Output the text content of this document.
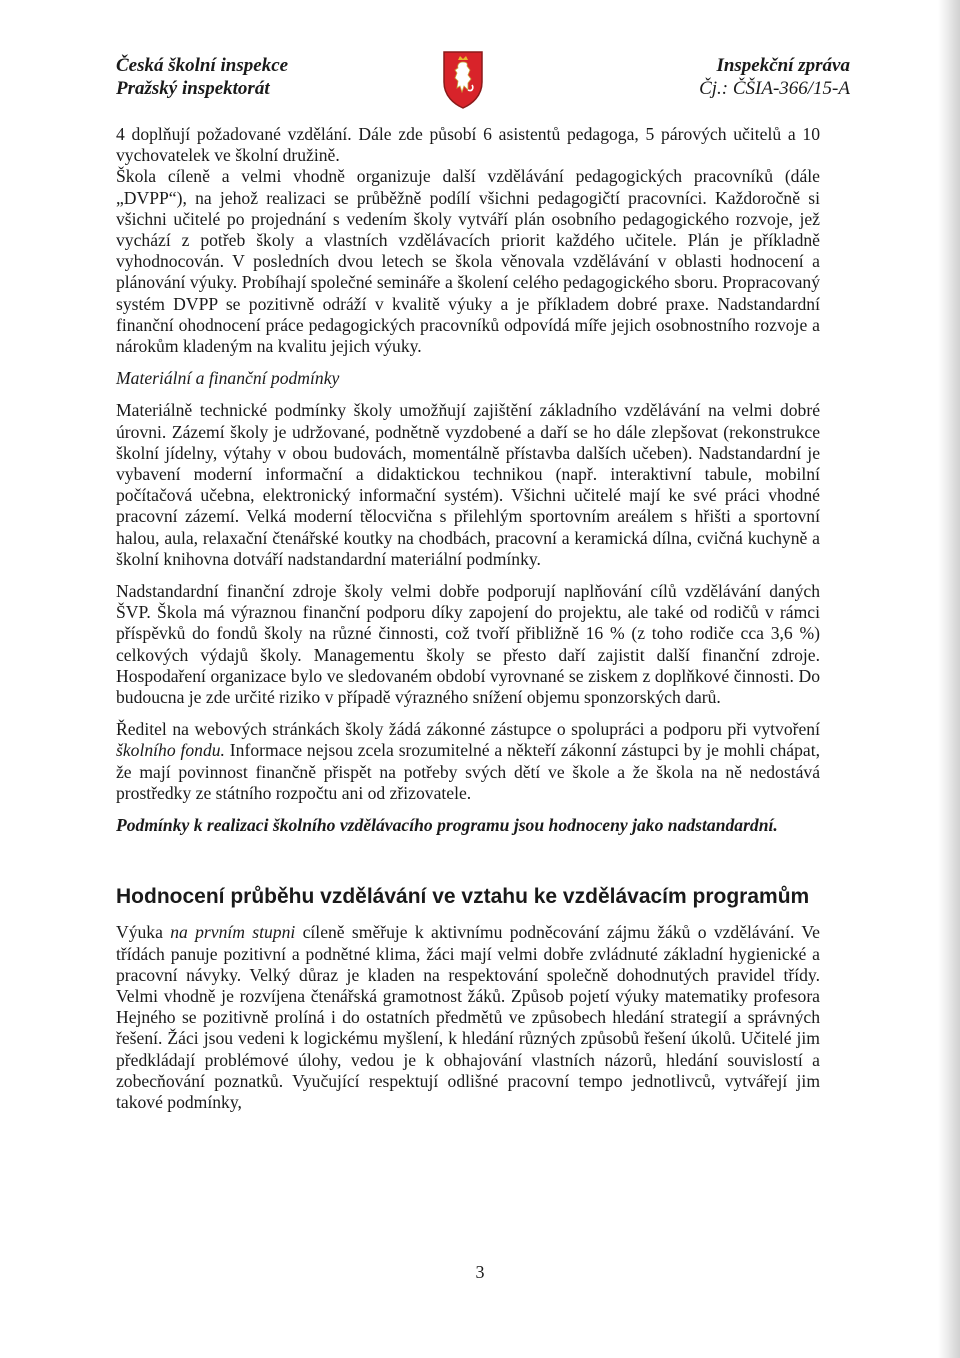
Česká školní inspekce
Pražský inspektorát
Inspekční zpráva
Čj.: ČŠIA-366/15-A

4 doplňují požadované vzdělání. Dále zde působí 6 asistentů pedagoga, 5 párových učitelů a 10 vychovatelek ve školní družině.

Škola cíleně a velmi vhodně organizuje další vzdělávání pedagogických pracovníků (dále „DVPP“), na jehož realizaci se průběžně podílí všichni pedagogičtí pracovníci. Každoročně si všichni učitelé po projednání s vedením školy vytváří plán osobního pedagogického rozvoje, jež vychází z potřeb školy a vlastních vzdělávacích priorit každého učitele. Plán je příkladně vyhodnocován. V posledních dvou letech se škola věnovala vzdělávání v oblasti hodnocení a plánování výuky. Probíhají společné semináře a školení celého pedagogického sboru. Propracovaný systém DVPP se pozitivně odráží v kvalitě výuky a je příkladem dobré praxe. Nadstandardní finanční ohodnocení práce pedagogických pracovníků odpovídá míře jejich osobnostního rozvoje a nárokům kladeným na kvalitu jejich výuky.

Materiální a finanční podmínky

Materiálně technické podmínky školy umožňují zajištění základního vzdělávání na velmi dobré úrovni. Zázemí školy je udržované, podnětně vyzdobené a daří se ho dále zlepšovat (rekonstrukce školní jídelny, výtahy v obou budovách, momentálně přístavba dalších učeben). Nadstandardní je vybavení moderní informační a didaktickou technikou (např. interaktivní tabule, mobilní počítačová učebna, elektronický informační systém). Všichni učitelé mají ke své práci vhodné pracovní zázemí. Velká moderní tělocvična s přilehlým sportovním areálem s hřišti a sportovní halou, aula, relaxační čtenářské koutky na chodbách, pracovní a keramická dílna, cvičná kuchyně a školní knihovna dotváří nadstandardní materiální podmínky.

Nadstandardní finanční zdroje školy velmi dobře podporují naplňování cílů vzdělávání daných ŠVP. Škola má výraznou finanční podporu díky zapojení do projektu, ale také od rodičů v rámci příspěvků do fondů školy na různé činnosti, což tvoří přibližně 16 % (z toho rodiče cca 3,6 %) celkových výdajů školy. Managementu školy se přesto daří zajistit další finanční zdroje. Hospodaření organizace bylo ve sledovaném období vyrovnané se ziskem z doplňkové činnosti. Do budoucna je zde určité riziko v případě výrazného snížení objemu sponzorských darů.

Ředitel na webových stránkách školy žádá zákonné zástupce o spolupráci a podporu při vytvoření školního fondu. Informace nejsou zcela srozumitelné a někteří zákonní zástupci by je mohli chápat, že mají povinnost finančně přispět na potřeby svých dětí ve škole a že škola na ně nedostává prostředky ze státního rozpočtu ani od zřizovatele.

Podmínky k realizaci školního vzdělávacího programu jsou hodnoceny jako nadstandardní.

Hodnocení průběhu vzdělávání ve vztahu ke vzdělávacím programům

Výuka na prvním stupni cíleně směřuje k aktivnímu podněcování zájmu žáků o vzdělávání. Ve třídách panuje pozitivní a podnětné klima, žáci mají velmi dobře zvládnuté základní hygienické a pracovní návyky. Velký důraz je kladen na respektování společně dohodnutých pravidel třídy. Velmi vhodně je rozvíjena čtenářská gramotnost žáků. Způsob pojetí výuky matematiky profesora Hejného se pozitivně prolíná i do ostatních předmětů ve způsobech hledání strategií a správných řešení. Žáci jsou vedeni k logickému myšlení, k hledání různých způsobů řešení úkolů. Učitelé jim předkládají problémové úlohy, vedou je k obhajování vlastních názorů, hledání souvislostí a zobecňování poznatků. Vyučující respektují odlišné pracovní tempo jednotlivců, vytvářejí jim takové podmínky,

3
